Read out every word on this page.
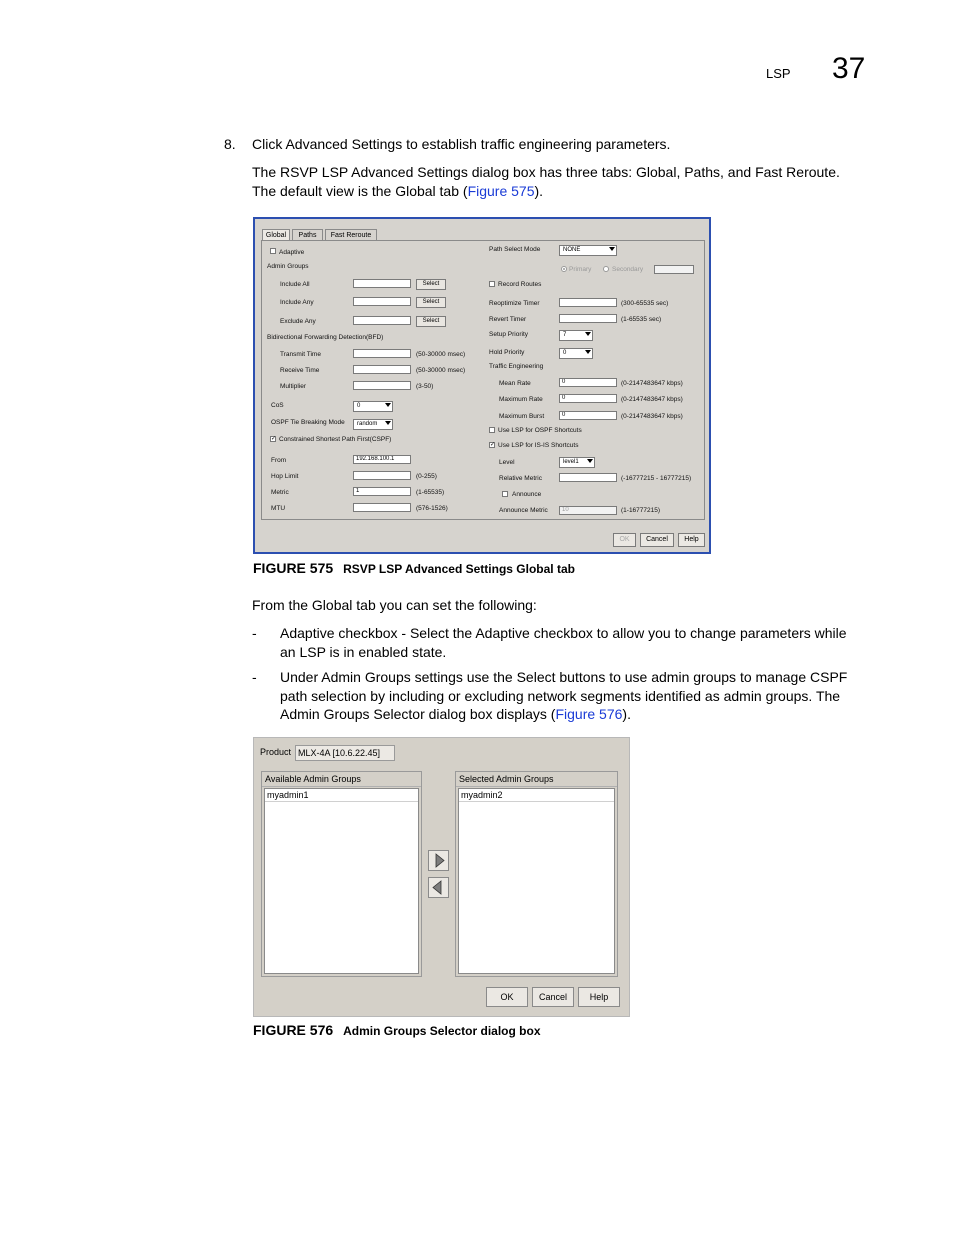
LSP 37
8. Click Advanced Settings to establish traffic engineering parameters.
The RSVP LSP Advanced Settings dialog box has three tabs: Global, Paths, and Fast Reroute.
The default view is the Global tab (Figure 575).
Global	Paths	Fast Reroute
Adaptive
Admin Groups
Include All	Select
Include Any	Select
Exclude Any	Select
Bidirectional Forwarding Detection(BFD)
Transmit Time	(50-30000 msec)
Receive Time	(50-30000 msec)
Multiplier	(3-50)
CoS	0
OSPF Tie Breaking Mode	random
✓ Constrained Shortest Path First(CSPF)
From	192.168.100.1
Hop Limit	(0-255)
Metric	1	(1-65535)
MTU	(576-1526)
Path Select Mode	NONE
Primary	Secondary
Record Routes
Reoptimize Timer	(300-65535 sec)
Revert Timer	(1-65535 sec)
Setup Priority	7
Hold Priority	0
Traffic Engineering
Mean Rate	0	(0-2147483647 kbps)
Maximum Rate	0	(0-2147483647 kbps)
Maximum Burst	0	(0-2147483647 kbps)
Use LSP for OSPF Shortcuts
✓ Use LSP for IS-IS Shortcuts
Level	level1
Relative Metric	(-16777215 - 16777215)
Announce
Announce Metric	10	(1-16777215)
OK	Cancel	Help
FIGURE 575 RSVP LSP Advanced Settings Global tab
From the Global tab you can set the following:
- Adaptive checkbox - Select the Adaptive checkbox to allow you to change parameters while
an LSP is in enabled state.
- Under Admin Groups settings use the Select buttons to use admin groups to manage CSPF
path selection by including or excluding network segments identified as admin groups. The
Admin Groups Selector dialog box displays (Figure 576).
Product MLX-4A [10.6.22.45]
Available Admin Groups
myadmin1
Selected Admin Groups
myadmin2
OK	Cancel	Help
FIGURE 576 Admin Groups Selector dialog box
